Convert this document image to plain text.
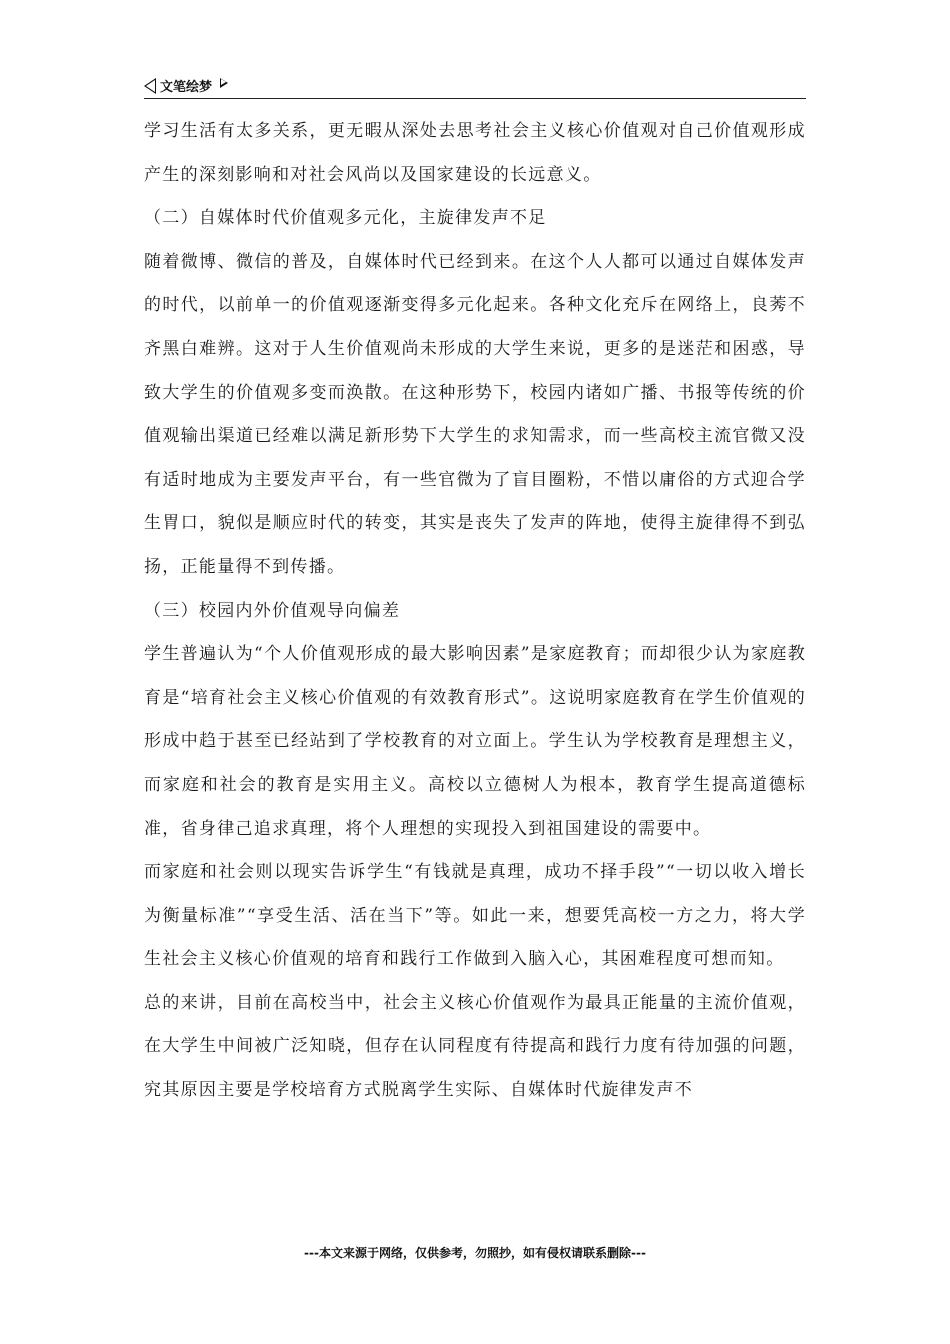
文笔绘梦

学习生活有太多关系，更无暇从深处去思考社会主义核心价值观对自己价值观形成产生的深刻影响和对社会风尚以及国家建设的长远意义。

（二）自媒体时代价值观多元化，主旋律发声不足

随着微博、微信的普及，自媒体时代已经到来。在这个人人都可以通过自媒体发声的时代，以前单一的价值观逐渐变得多元化起来。各种文化充斥在网络上，良莠不齐黑白难辨。这对于人生价值观尚未形成的大学生来说，更多的是迷茫和困惑，导致大学生的价值观多变而涣散。在这种形势下，校园内诸如广播、书报等传统的价值观输出渠道已经难以满足新形势下大学生的求知需求，而一些高校主流官微又没有适时地成为主要发声平台，有一些官微为了盲目圈粉，不惜以庸俗的方式迎合学生胃口，貌似是顺应时代的转变，其实是丧失了发声的阵地，使得主旋律得不到弘扬，正能量得不到传播。

（三）校园内外价值观导向偏差

学生普遍认为“个人价值观形成的最大影响因素”是家庭教育；而却很少认为家庭教育是“培育社会主义核心价值观的有效教育形式”。这说明家庭教育在学生价值观的形成中趋于甚至已经站到了学校教育的对立面上。学生认为学校教育是理想主义，而家庭和社会的教育是实用主义。高校以立德树人为根本，教育学生提高道德标准，省身律己追求真理，将个人理想的实现投入到祖国建设的需要中。

而家庭和社会则以现实告诉学生“有钱就是真理，成功不择手段”“一切以收入增长为衡量标准”“享受生活、活在当下”等。如此一来，想要凭高校一方之力，将大学生社会主义核心价值观的培育和践行工作做到入脑入心，其困难程度可想而知。

总的来讲，目前在高校当中，社会主义核心价值观作为最具正能量的主流价值观，在大学生中间被广泛知晓，但存在认同程度有待提高和践行力度有待加强的问题，究其原因主要是学校培育方式脱离学生实际、自媒体时代旋律发声不

---本文来源于网络，仅供参考，勿照抄，如有侵权请联系删除---
